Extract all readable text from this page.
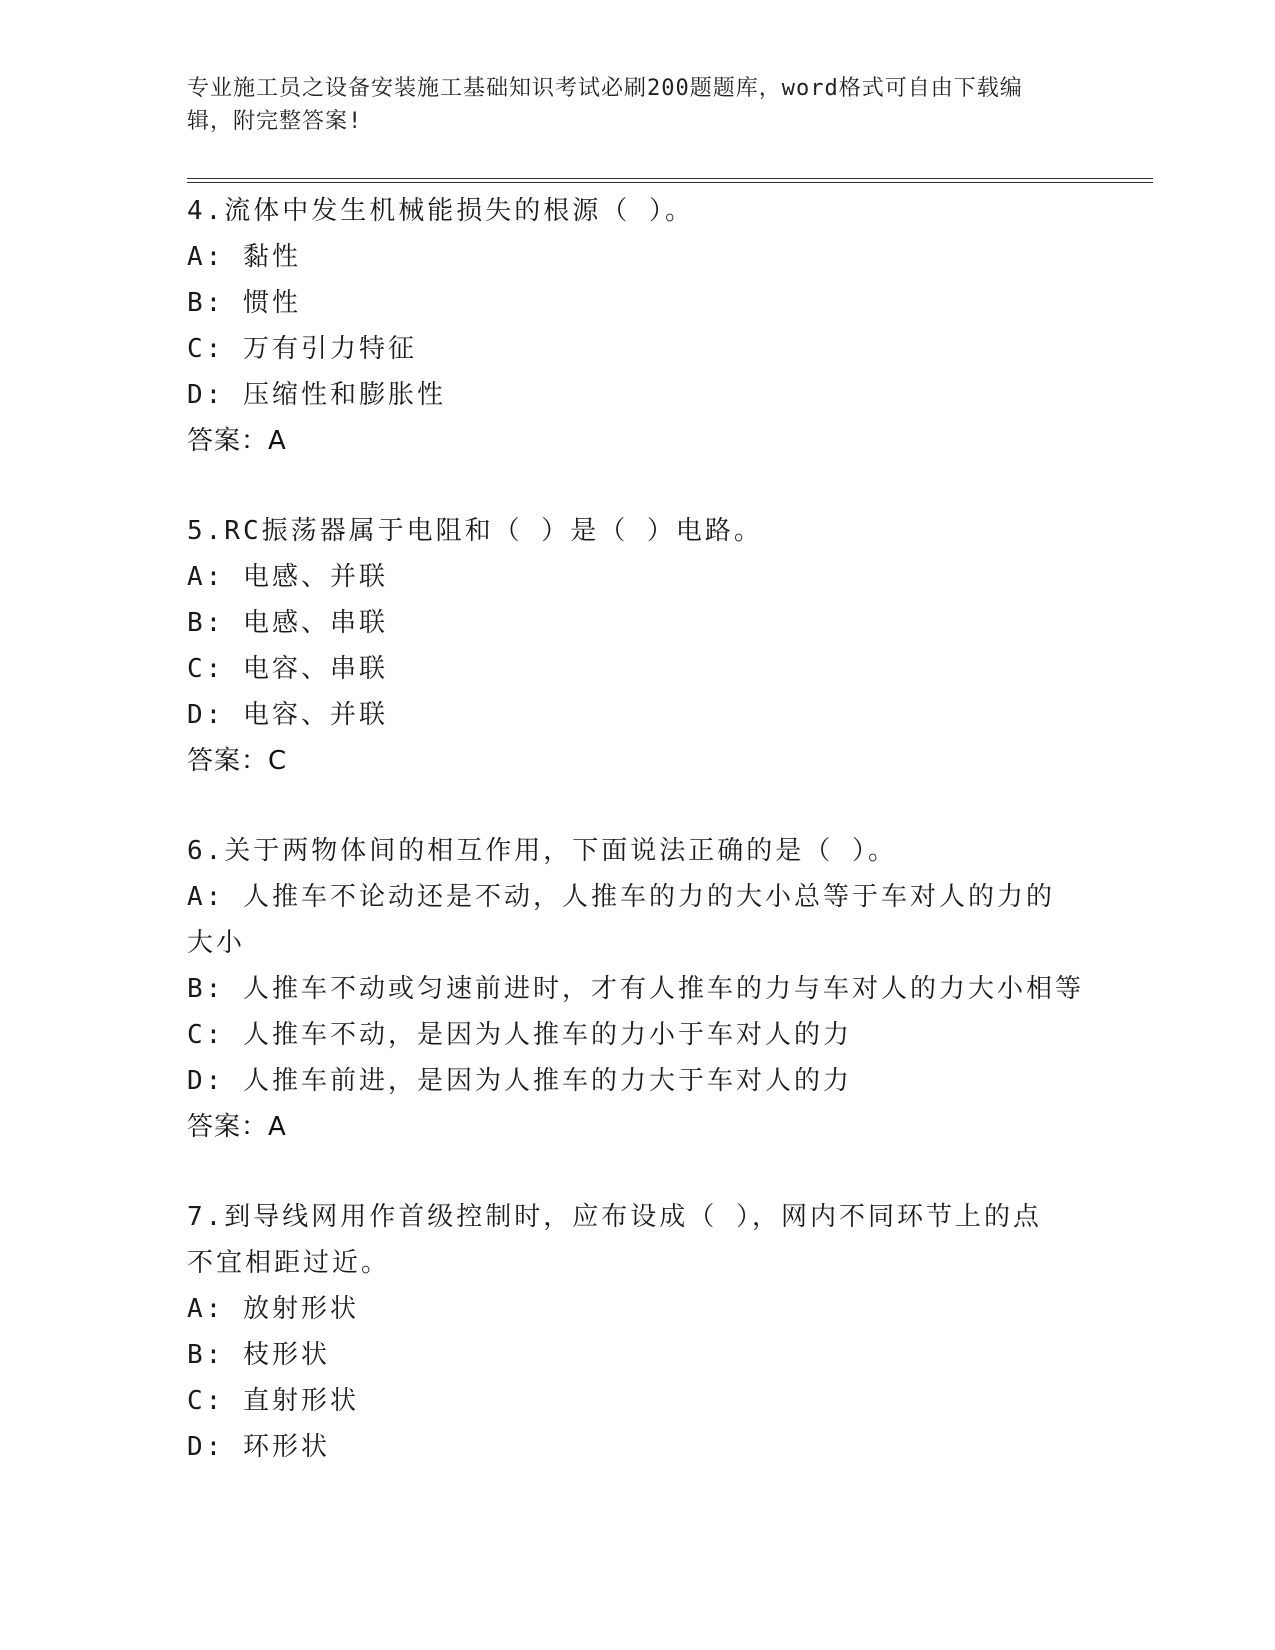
专业施工员之设备安装施工基础知识考试必刷200题题库，word格式可自由下载编辑，附完整答案!
4.流体中发生机械能损失的根源（ ）。
A: 黏性
B: 惯性
C: 万有引力特征
D: 压缩性和膨胀性
答案：A
5.RC振荡器属于电阻和（ ）是（ ）电路。
A: 电感、并联
B: 电感、串联
C: 电容、串联
D: 电容、并联
答案：C
6.关于两物体间的相互作用，下面说法正确的是（ ）。
A: 人推车不论动还是不动，人推车的力的大小总等于车对人的力的大小
B: 人推车不动或匀速前进时，才有人推车的力与车对人的力大小相等
C: 人推车不动，是因为人推车的力小于车对人的力
D: 人推车前进，是因为人推车的力大于车对人的力
答案：A
7.到导线网用作首级控制时，应布设成（ ），网内不同环节上的点不宜相距过近。
A: 放射形状
B: 枝形状
C: 直射形状
D: 环形状
